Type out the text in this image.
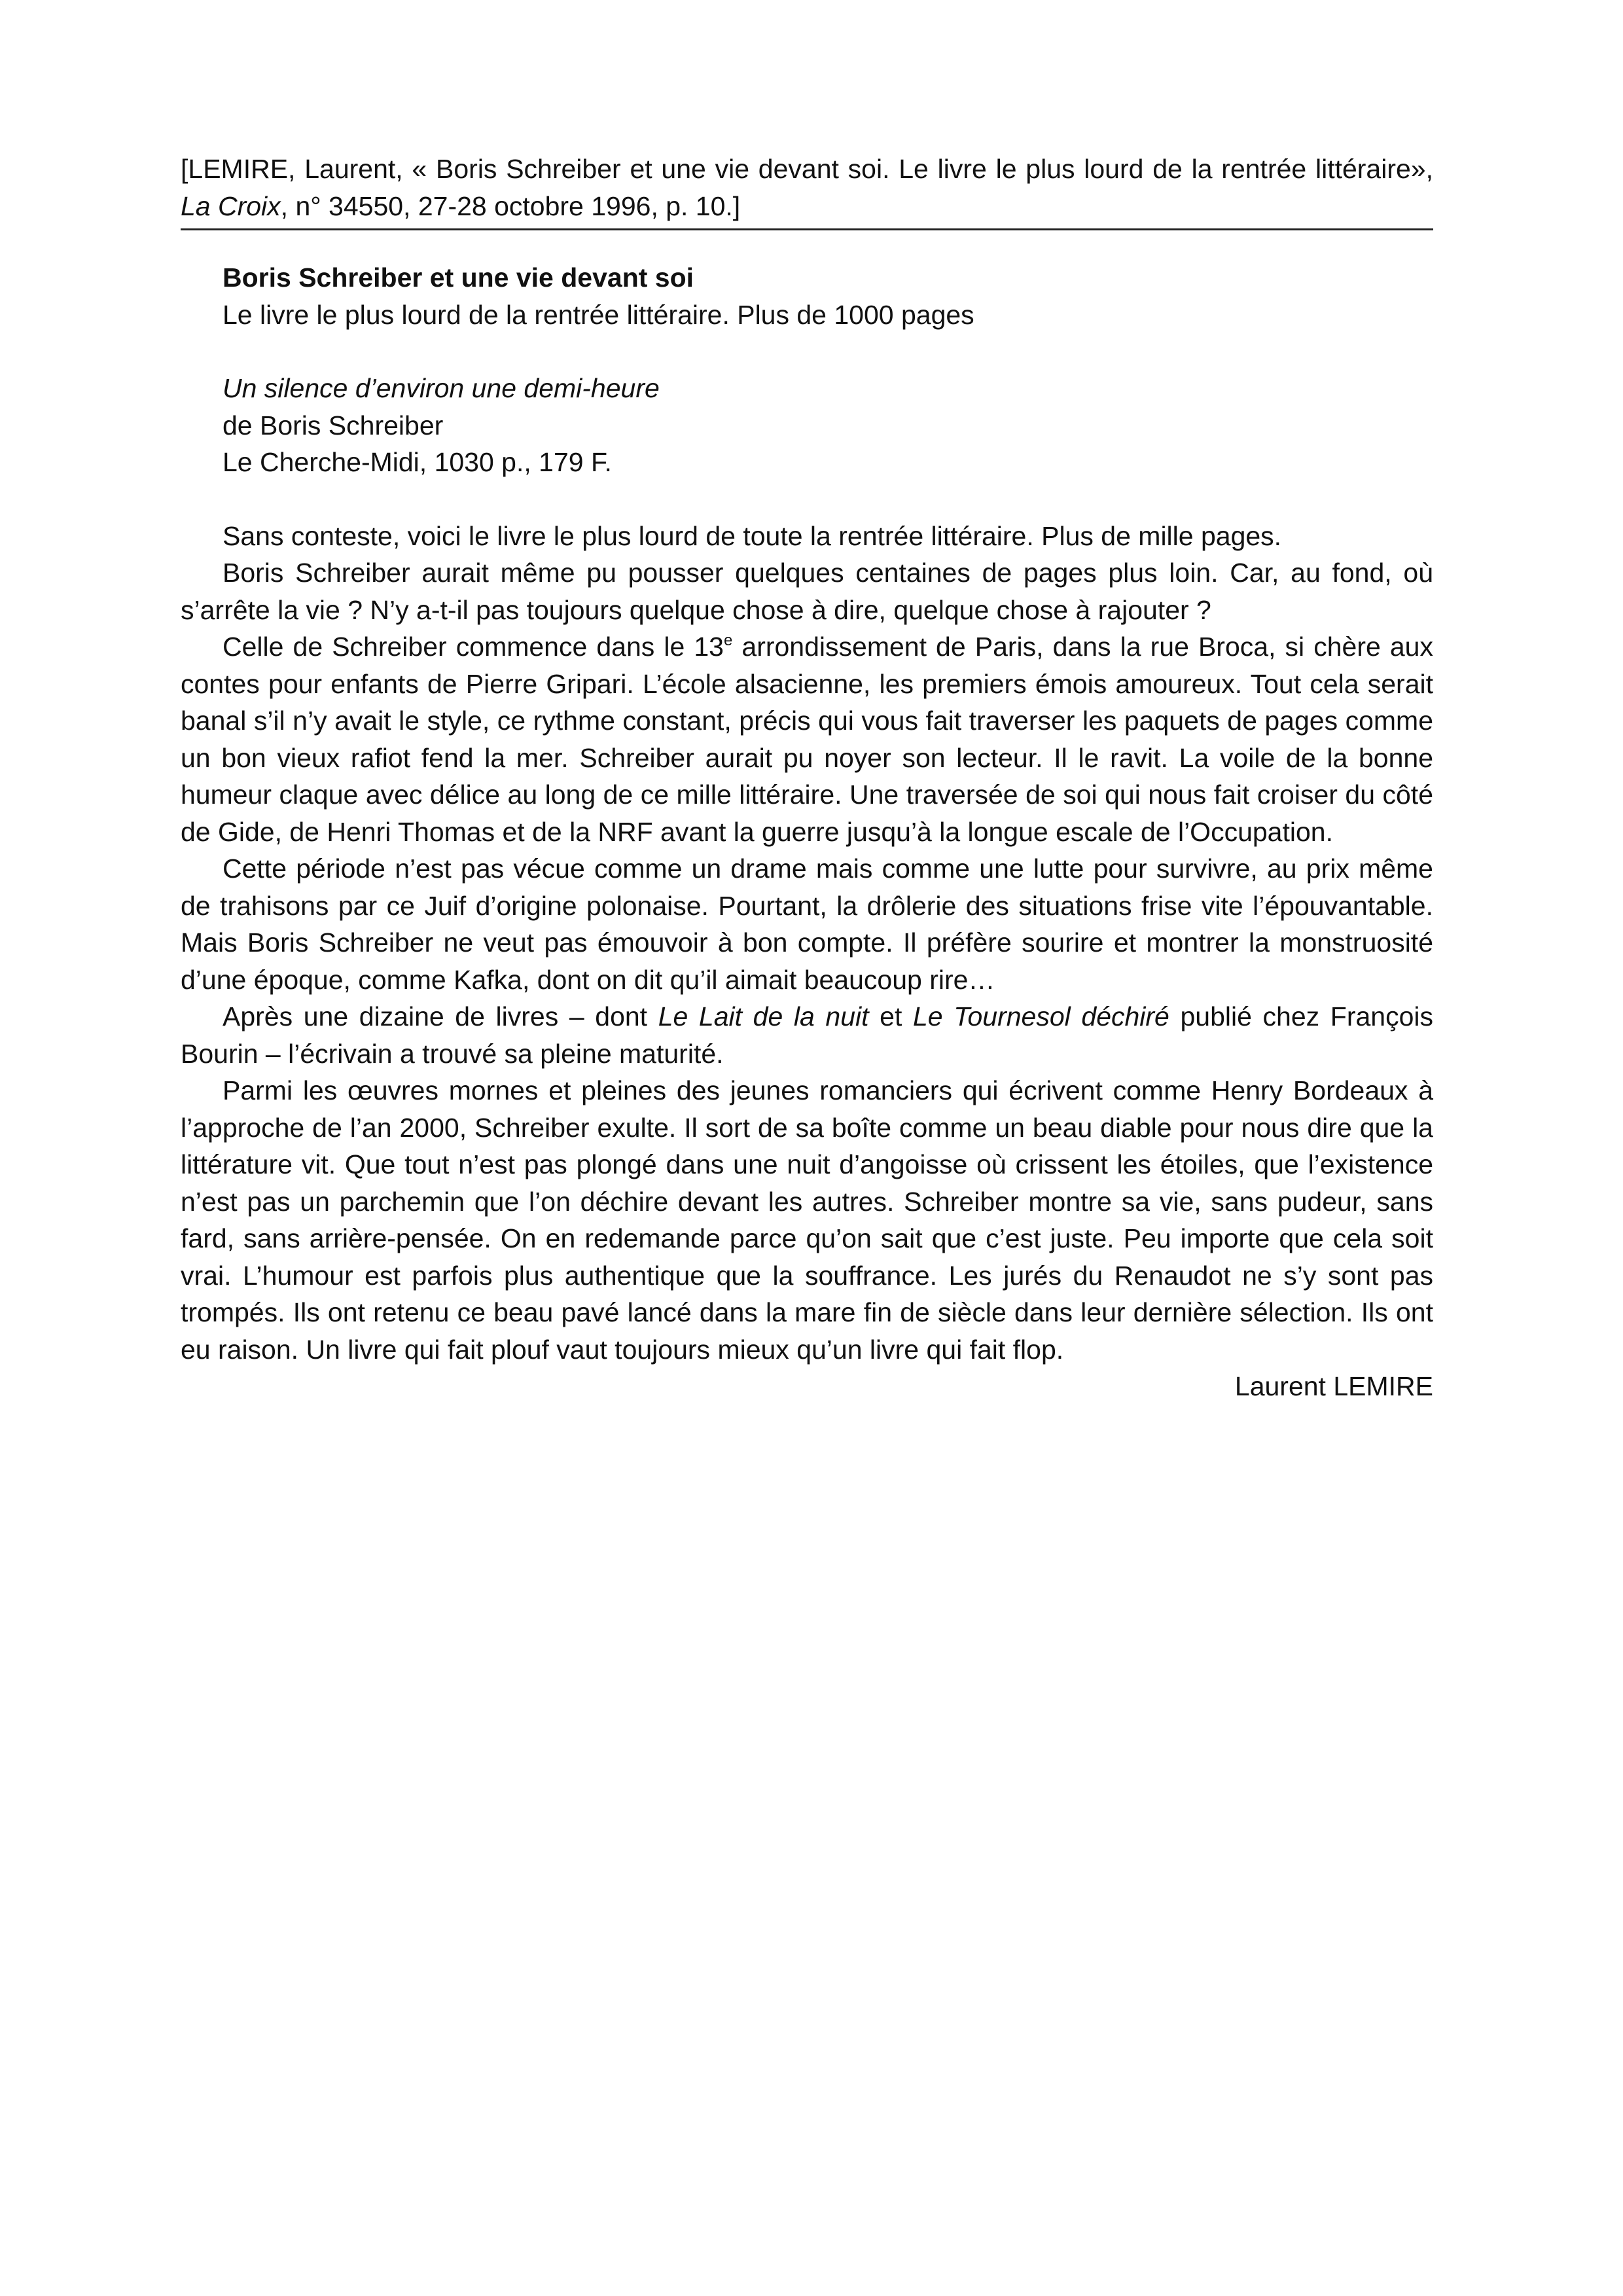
[LEMIRE, Laurent, « Boris Schreiber et une vie devant soi. Le livre le plus lourd de la rentrée littéraire», La Croix, n° 34550, 27-28 octobre 1996, p. 10.]
Boris Schreiber et une vie devant soi
Le livre le plus lourd de la rentrée littéraire. Plus de 1000 pages
Un silence d’environ une demi-heure
de Boris Schreiber
Le Cherche-Midi, 1030 p., 179 F.

Sans conteste, voici le livre le plus lourd de toute la rentrée littéraire. Plus de mille pages.

Boris Schreiber aurait même pu pousser quelques centaines de pages plus loin. Car, au fond, où s’arrête la vie ? N’y a-t-il pas toujours quelque chose à dire, quelque chose à rajouter ?

Celle de Schreiber commence dans le 13e arrondissement de Paris, dans la rue Broca, si chère aux contes pour enfants de Pierre Gripari. L’école alsacienne, les premiers émois amoureux. Tout cela serait banal s’il n’y avait le style, ce rythme constant, précis qui vous fait traverser les paquets de pages comme un bon vieux rafiot fend la mer. Schreiber aurait pu noyer son lecteur. Il le ravit. La voile de la bonne humeur claque avec délice au long de ce mille littéraire. Une traversée de soi qui nous fait croiser du côté de Gide, de Henri Thomas et de la NRF avant la guerre jusqu’à la longue escale de l’Occupation.

Cette période n’est pas vécue comme un drame mais comme une lutte pour survivre, au prix même de trahisons par ce Juif d’origine polonaise. Pourtant, la drôlerie des situations frise vite l’épouvantable. Mais Boris Schreiber ne veut pas émouvoir à bon compte. Il préfère sourire et montrer la monstruosité d’une époque, comme Kafka, dont on dit qu’il aimait beaucoup rire…

Après une dizaine de livres – dont Le Lait de la nuit et Le Tournesol déchiré publié chez François Bourin – l’écrivain a trouvé sa pleine maturité.

Parmi les œuvres mornes et pleines des jeunes romanciers qui écrivent comme Henry Bordeaux à l’approche de l’an 2000, Schreiber exulte. Il sort de sa boîte comme un beau diable pour nous dire que la littérature vit. Que tout n’est pas plongé dans une nuit d’angoisse où crissent les étoiles, que l’existence n’est pas un parchemin que l’on déchire devant les autres. Schreiber montre sa vie, sans pudeur, sans fard, sans arrière-pensée. On en redemande parce qu’on sait que c’est juste. Peu importe que cela soit vrai. L’humour est parfois plus authentique que la souffrance. Les jurés du Renaudot ne s’y sont pas trompés. Ils ont retenu ce beau pavé lancé dans la mare fin de siècle dans leur dernière sélection. Ils ont eu raison. Un livre qui fait plouf vaut toujours mieux qu’un livre qui fait flop.

Laurent LEMIRE
